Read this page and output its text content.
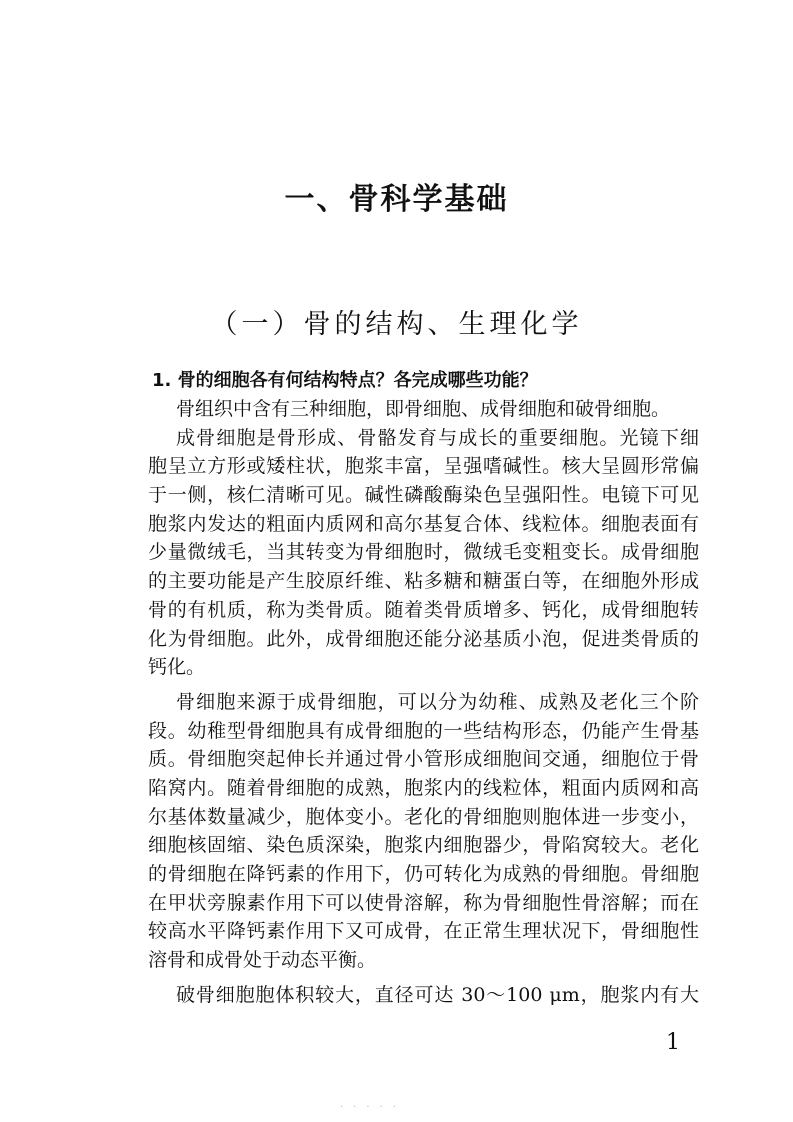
一、骨科学基础
（一）骨的结构、生理化学
1. 骨的细胞各有何结构特点？各完成哪些功能？
骨组织中含有三种细胞，即骨细胞、成骨细胞和破骨细胞。
成骨细胞是骨形成、骨骼发育与成长的重要细胞。光镜下细
胞呈立方形或矮柱状，胞浆丰富，呈强嗜碱性。核大呈圆形常偏
于一侧，核仁清晰可见。碱性磷酸酶染色呈强阳性。电镜下可见
胞浆内发达的粗面内质网和高尔基复合体、线粒体。细胞表面有
少量微绒毛，当其转变为骨细胞时，微绒毛变粗变长。成骨细胞
的主要功能是产生胶原纤维、粘多糖和糖蛋白等，在细胞外形成
骨的有机质，称为类骨质。随着类骨质增多、钙化，成骨细胞转
化为骨细胞。此外，成骨细胞还能分泌基质小泡，促进类骨质的
钙化。
骨细胞来源于成骨细胞，可以分为幼稚、成熟及老化三个阶
段。幼稚型骨细胞具有成骨细胞的一些结构形态，仍能产生骨基
质。骨细胞突起伸长并通过骨小管形成细胞间交通，细胞位于骨
陷窝内。随着骨细胞的成熟，胞浆内的线粒体，粗面内质网和高
尔基体数量减少，胞体变小。老化的骨细胞则胞体进一步变小，
细胞核固缩、染色质深染，胞浆内细胞器少，骨陷窝较大。老化
的骨细胞在降钙素的作用下，仍可转化为成熟的骨细胞。骨细胞
在甲状旁腺素作用下可以使骨溶解，称为骨细胞性骨溶解；而在
较高水平降钙素作用下又可成骨，在正常生理状况下，骨细胞性
溶骨和成骨处于动态平衡。
破骨细胞胞体积较大，直径可达 30～100 μm，胞浆内有大
1
·····
